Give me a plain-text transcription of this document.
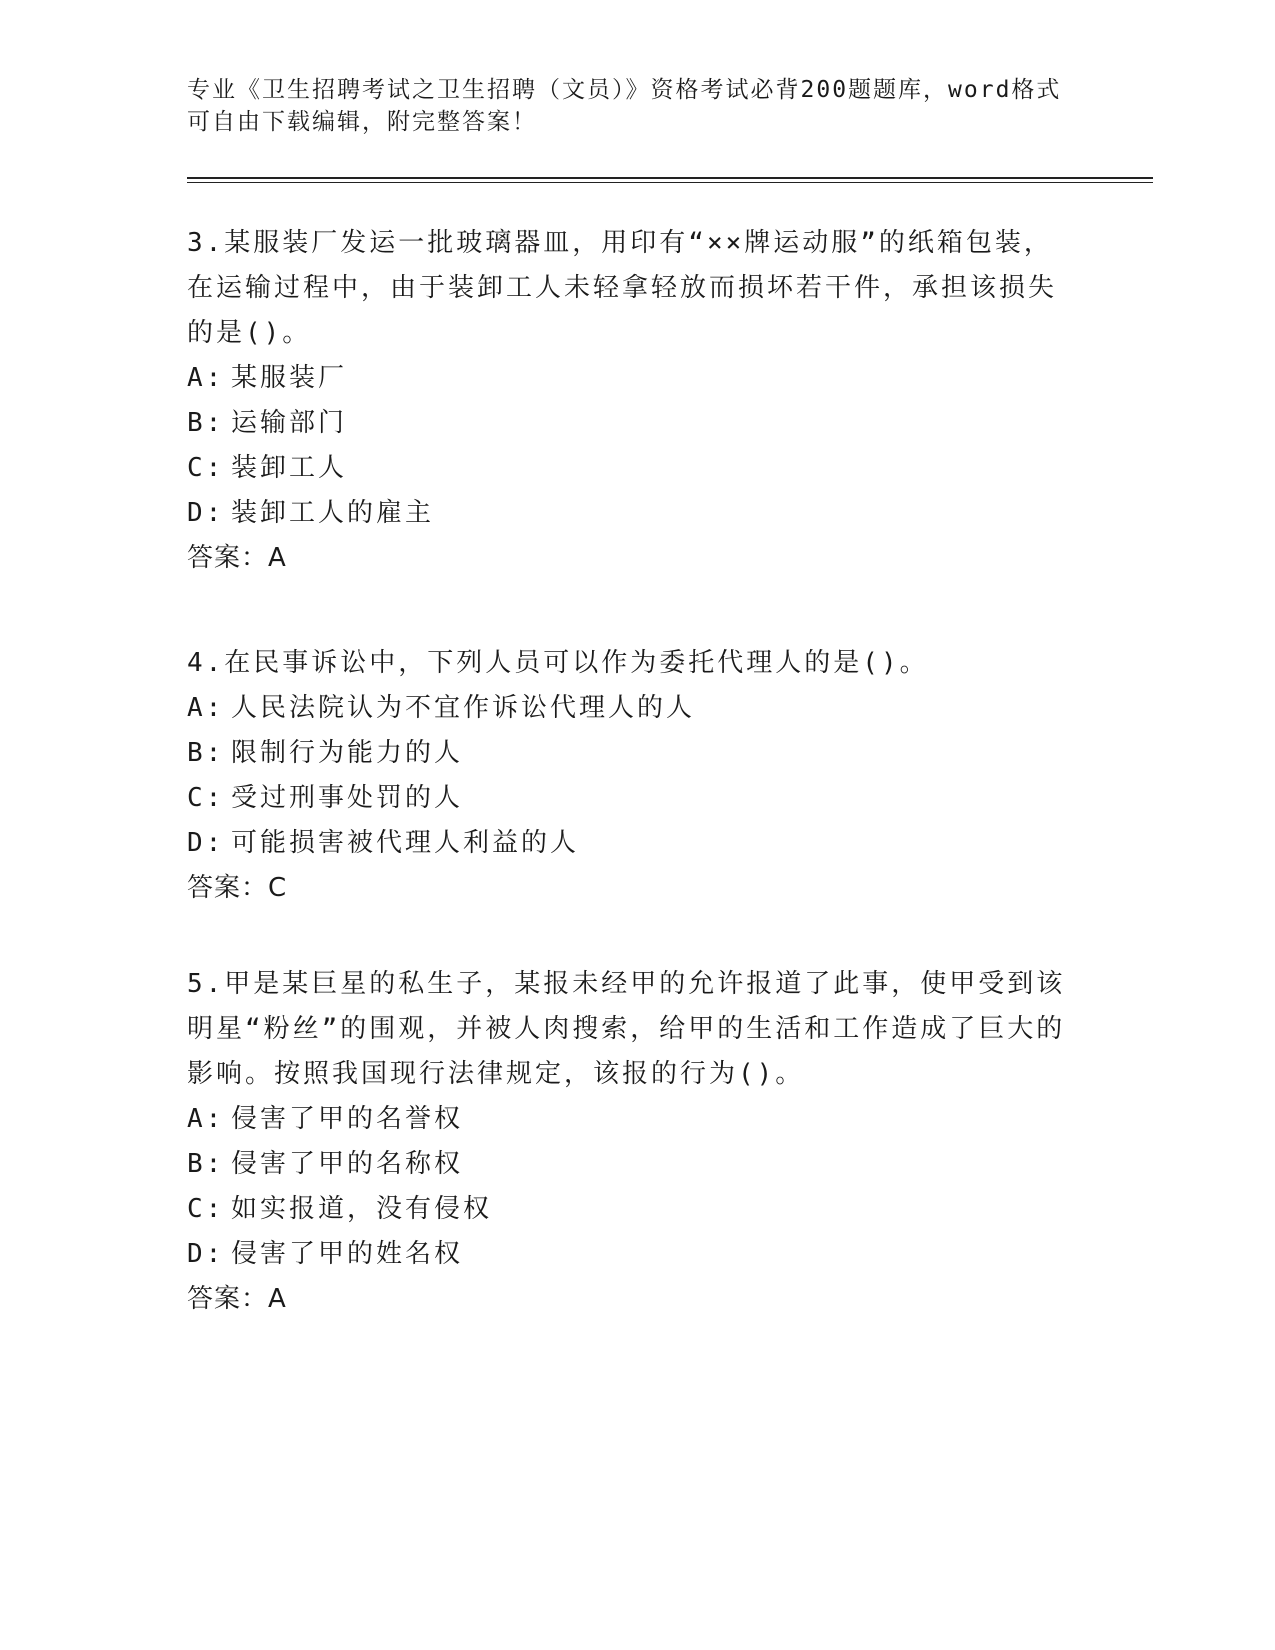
专业《卫生招聘考试之卫生招聘（文员）》资格考试必背200题题库，word格式可自由下载编辑，附完整答案！

3.某服装厂发运一批玻璃器皿，用印有“××牌运动服”的纸箱包装，在运输过程中，由于装卸工人未轻拿轻放而损坏若干件，承担该损失的是()。

A: 某服装厂

B: 运输部门

C: 装卸工人

D: 装卸工人的雇主

答案：A

4.在民事诉讼中，下列人员可以作为委托代理人的是()。

A: 人民法院认为不宜作诉讼代理人的人

B: 限制行为能力的人

C: 受过刑事处罚的人

D: 可能损害被代理人利益的人

答案：C

5.甲是某巨星的私生子，某报未经甲的允许报道了此事，使甲受到该明星“粉丝”的围观，并被人肉搜索，给甲的生活和工作造成了巨大的影响。按照我国现行法律规定，该报的行为()。

A: 侵害了甲的名誉权

B: 侵害了甲的名称权

C: 如实报道，没有侵权

D: 侵害了甲的姓名权

答案：A
